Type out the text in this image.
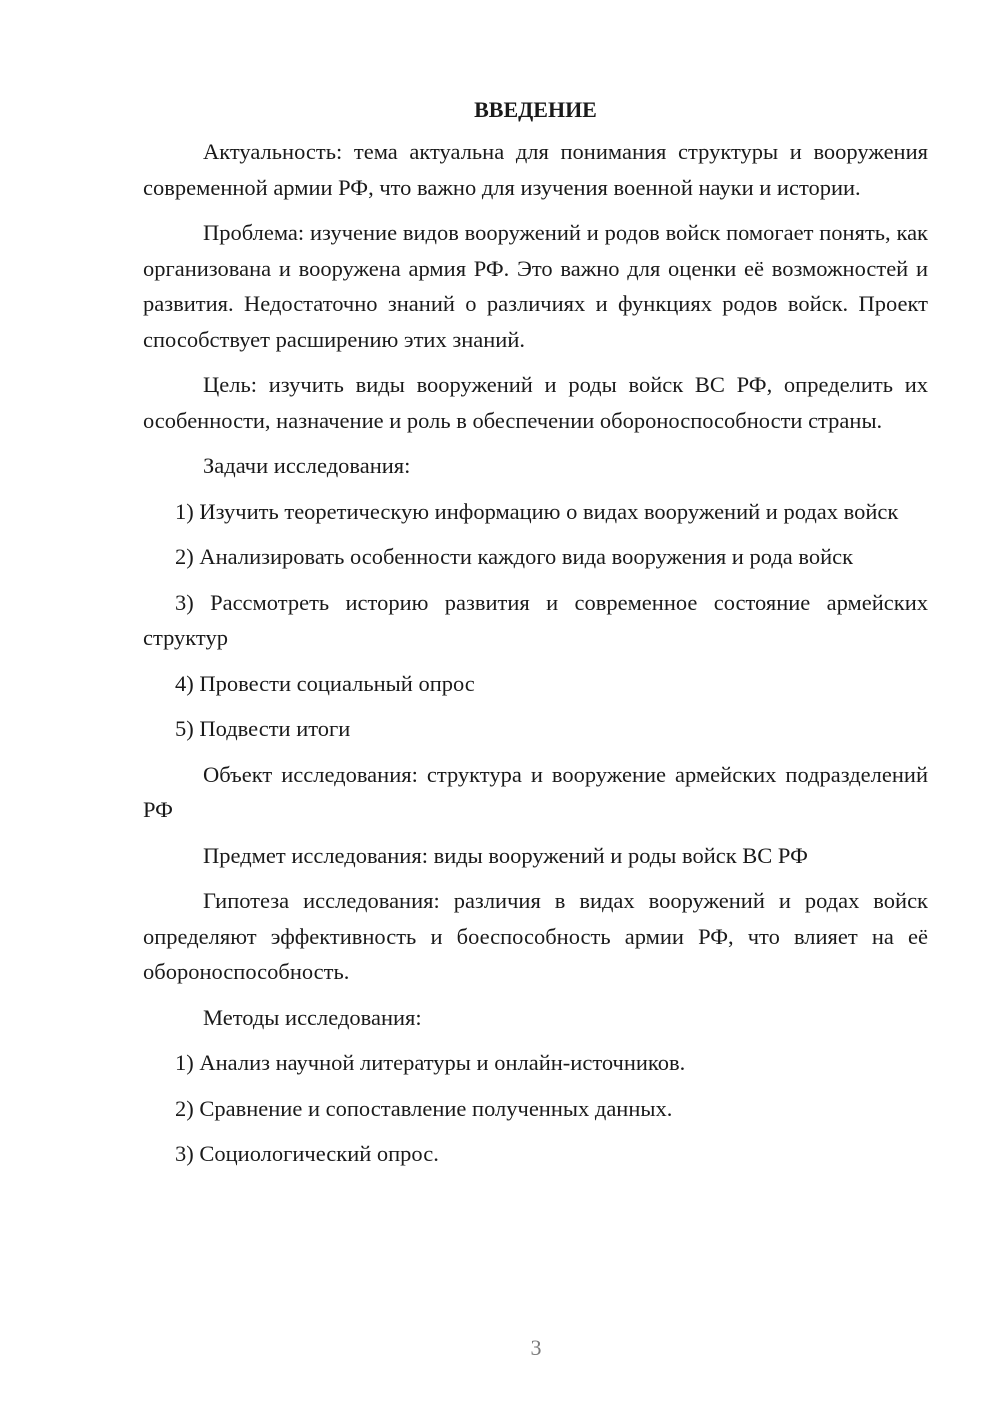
ВВЕДЕНИЕ
Актуальность: тема актуальна для понимания структуры и вооружения современной армии РФ, что важно для изучения военной науки и истории.
Проблема: изучение видов вооружений и родов войск помогает понять, как организована и вооружена армия РФ. Это важно для оценки её возможностей и развития. Недостаточно знаний о различиях и функциях родов войск. Проект способствует расширению этих знаний.
Цель: изучить виды вооружений и роды войск ВС РФ, определить их особенности, назначение и роль в обеспечении обороноспособности страны.
Задачи исследования:
1) Изучить теоретическую информацию о видах вооружений и родах войск
2) Анализировать особенности каждого вида вооружения и рода войск
3) Рассмотреть историю развития и современное состояние армейских структур
4) Провести социальный опрос
5) Подвести итоги
Объект исследования: структура и вооружение армейских подразделений РФ
Предмет исследования: виды вооружений и роды войск ВС РФ
Гипотеза исследования: различия в видах вооружений и родах войск определяют эффективность и боеспособность армии РФ, что влияет на её обороноспособность.
Методы исследования:
1) Анализ научной литературы и онлайн-источников.
2) Сравнение и сопоставление полученных данных.
3) Социологический опрос.
3
